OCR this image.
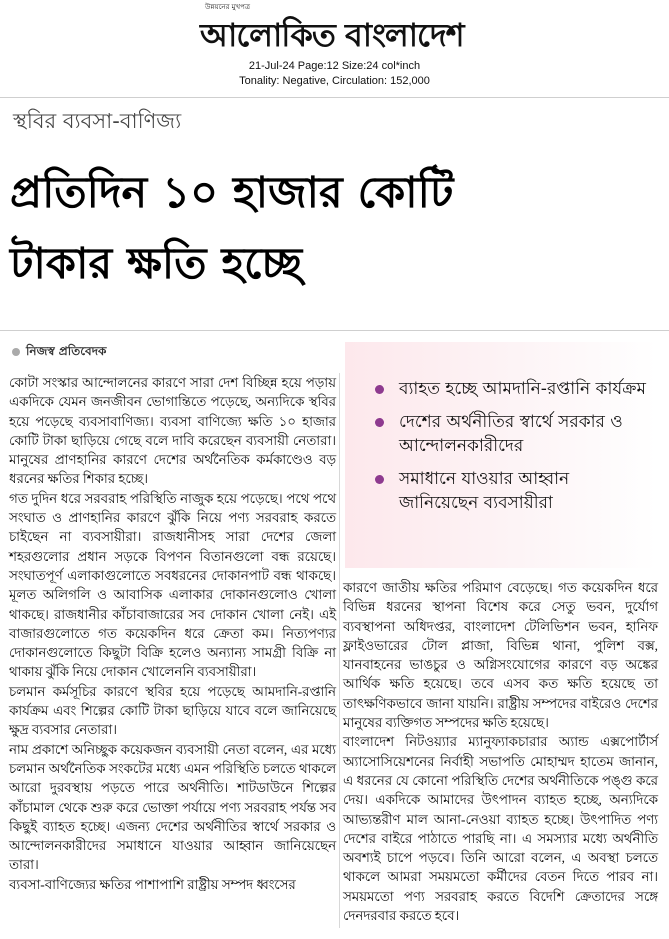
উন্নয়নের মুখপত্র
আলোকিত বাংলাদেশ
21-Jul-24 Page:12 Size:24 col*inch
Tonality: Negative, Circulation: 152,000
স্থবির ব্যবসা-বাণিজ্য
প্রতিদিন ১০ হাজার কোটি
টাকার ক্ষতি হচ্ছে
নিজস্ব প্রতিবেদক

কোটা সংস্কার আন্দোলনের কারণে সারা দেশ বিচ্ছিন্ন হয়ে পড়ায় একদিকে যেমন জনজীবন ভোগান্তিতে পড়েছে, অন্যদিকে স্থবির হয়ে পড়েছে ব্যবসাবাণিজ্য। ব্যবসা বাণিজ্যে ক্ষতি ১০ হাজার কোটি টাকা ছাড়িয়ে গেছে বলে দাবি করেছেন ব্যবসায়ী নেতারা। মানুষের প্রাণহানির কারণে দেশের অর্থনৈতিক কর্মকাণ্ডেও বড় ধরনের ক্ষতির শিকার হচ্ছে।

গত দুদিন ধরে সরবরাহ পরিস্থিতি নাজুক হয়ে পড়েছে। পথে পথে সংঘাত ও প্রাণহানির কারণে ঝুঁকি নিয়ে পণ্য সরবরাহ করতে চাইছেন না ব্যবসায়ীরা। রাজধানীসহ সারা দেশের জেলা শহরগুলোর প্রধান সড়কে বিপণন বিতানগুলো বন্ধ রয়েছে। সংঘাতপূর্ণ এলাকাগুলোতে সবধরনের দোকানপাট বন্ধ থাকছে। মূলত অলিগলি ও আবাসিক এলাকার দোকানগুলোও খোলা থাকছে। রাজধানীর কাঁচাবাজারের সব দোকান খোলা নেই। এই বাজারগুলোতে গত কয়েকদিন ধরে ক্রেতা কম। নিত্যপণ্যর দোকানগুলোতে কিছুটা বিক্রি হলেও অন্যান্য সামগ্রী বিক্রি না থাকায় ঝুঁকি নিয়ে দোকান খোলেননি ব্যবসায়ীরা।

চলমান কর্মসূচির কারণে স্থবির হয়ে পড়েছে আমদানি-রপ্তানি কার্যক্রম এবং শিল্পের কোটি টাকা ছাড়িয়ে যাবে বলে জানিয়েছে ক্ষুদ্র ব্যবসার নেতারা।

নাম প্রকাশে অনিচ্ছুক কয়েকজন ব্যবসায়ী নেতা বলেন, এর মধ্যে চলমান অর্থনৈতিক সংকটের মধ্যে এমন পরিস্থিতি চলতে থাকলে আরো দুরবস্থায় পড়তে পারে অর্থনীতি। শাটডাউনে শিল্পের কাঁচামাল থেকে শুরু করে ভোক্তা পর্যায়ে পণ্য সরবরাহ পর্যন্ত সব কিছুই ব্যাহত হচ্ছে। এজন্য দেশের অর্থনীতির স্বার্থে সরকার ও আন্দোলনকারীদের সমাধানে যাওয়ার আহ্বান জানিয়েছেন তারা।

ব্যবসা-বাণিজ্যের ক্ষতির পাশাপাশি রাষ্ট্রীয় সম্পদ ধ্বংসের

ব্যাহত হচ্ছে আমদানি-রপ্তানি কার্যক্রম
দেশের অর্থনীতির স্বার্থে সরকার ও আন্দোলনকারীদের
সমাধানে যাওয়ার আহ্বান জানিয়েছেন ব্যবসায়ীরা

কারণে জাতীয় ক্ষতির পরিমাণ বেড়েছে। গত কয়েকদিন ধরে বিভিন্ন ধরনের স্থাপনা বিশেষ করে সেতু ভবন, দুর্যোগ ব্যবস্থাপনা অধিদপ্তর, বাংলাদেশ টেলিভিশন ভবন, হানিফ ফ্লাইওভারের টোল প্লাজা, বিভিন্ন থানা, পুলিশ বক্স, যানবাহনের ভাঙচুর ও অগ্নিসংযোগের কারণে বড় অঙ্কের আর্থিক ক্ষতি হয়েছে। তবে এসব কত ক্ষতি হয়েছে তা তাৎক্ষণিকভাবে জানা যায়নি। রাষ্ট্রীয় সম্পদের বাইরেও দেশের মানুষের ব্যক্তিগত সম্পদের ক্ষতি হয়েছে।

বাংলাদেশ নিটওয়্যার ম্যানুফ্যাকচারার অ্যান্ড এক্সপোর্টার্স অ্যাসোসিয়েশনের নির্বাহী সভাপতি মোহাম্মদ হাতেম জানান, এ ধরনের যে কোনো পরিস্থিতি দেশের অর্থনীতিকে পঙ্গু করে দেয়। একদিকে আমাদের উৎপাদন ব্যাহত হচ্ছে, অন্যদিকে আভ্যন্তরীণ মাল আনা-নেওয়া ব্যাহত হচ্ছে। উৎপাদিত পণ্য দেশের বাইরে পাঠাতে পারছি না। এ সমস্যার মধ্যে অর্থনীতি অবশ্যই চাপে পড়বে। তিনি আরো বলেন, এ অবস্থা চলতে থাকলে আমরা সময়মতো কর্মীদের বেতন দিতে পারব না। সময়মতো পণ্য সরবরাহ করতে বিদেশি ক্রেতাদের সঙ্গে দেনদরবার করতে হবে।
